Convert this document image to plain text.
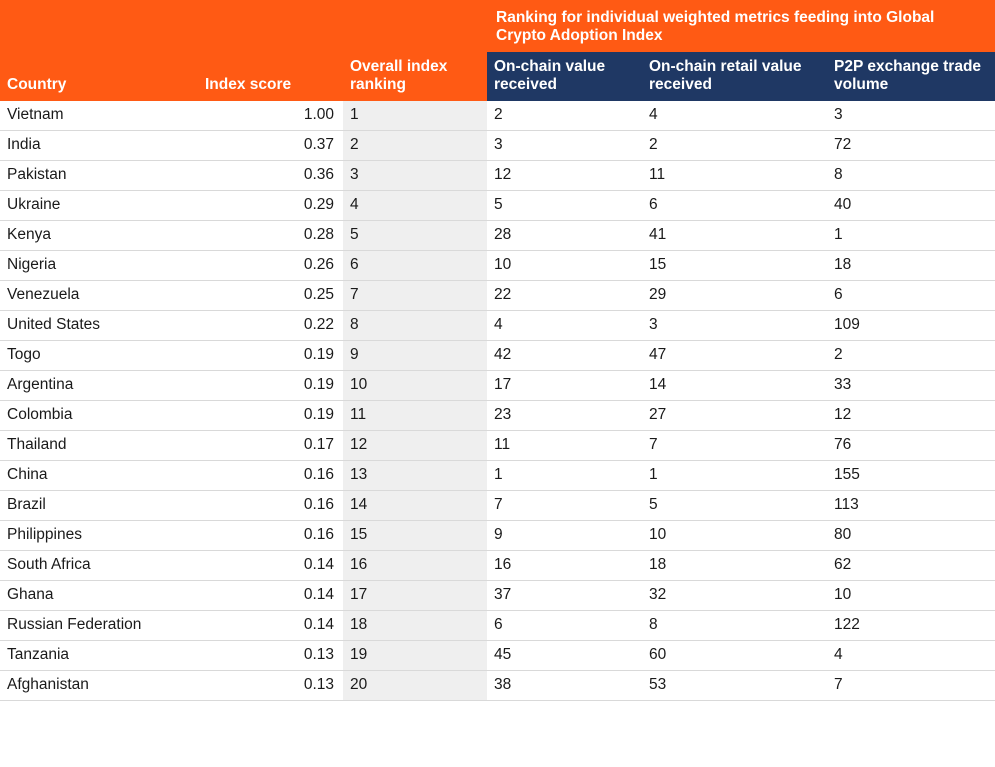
Country	Index score	Overall index ranking	Ranking for individual weighted metrics feeding into Global Crypto Adoption Index		

			On-chain value received	On-chain retail value received	P2P exchange trade volume

Vietnam	1.00	1	2	4	3
India	0.37	2	3	2	72
Pakistan	0.36	3	12	11	8
Ukraine	0.29	4	5	6	40
Kenya	0.28	5	28	41	1
Nigeria	0.26	6	10	15	18
Venezuela	0.25	7	22	29	6
United States	0.22	8	4	3	109
Togo	0.19	9	42	47	2
Argentina	0.19	10	17	14	33
Colombia	0.19	11	23	27	12
Thailand	0.17	12	11	7	76
China	0.16	13	1	1	155
Brazil	0.16	14	7	5	113
Philippines	0.16	15	9	10	80
South Africa	0.14	16	16	18	62
Ghana	0.14	17	37	32	10
Russian Federation	0.14	18	6	8	122
Tanzania	0.13	19	45	60	4
Afghanistan	0.13	20	38	53	7
